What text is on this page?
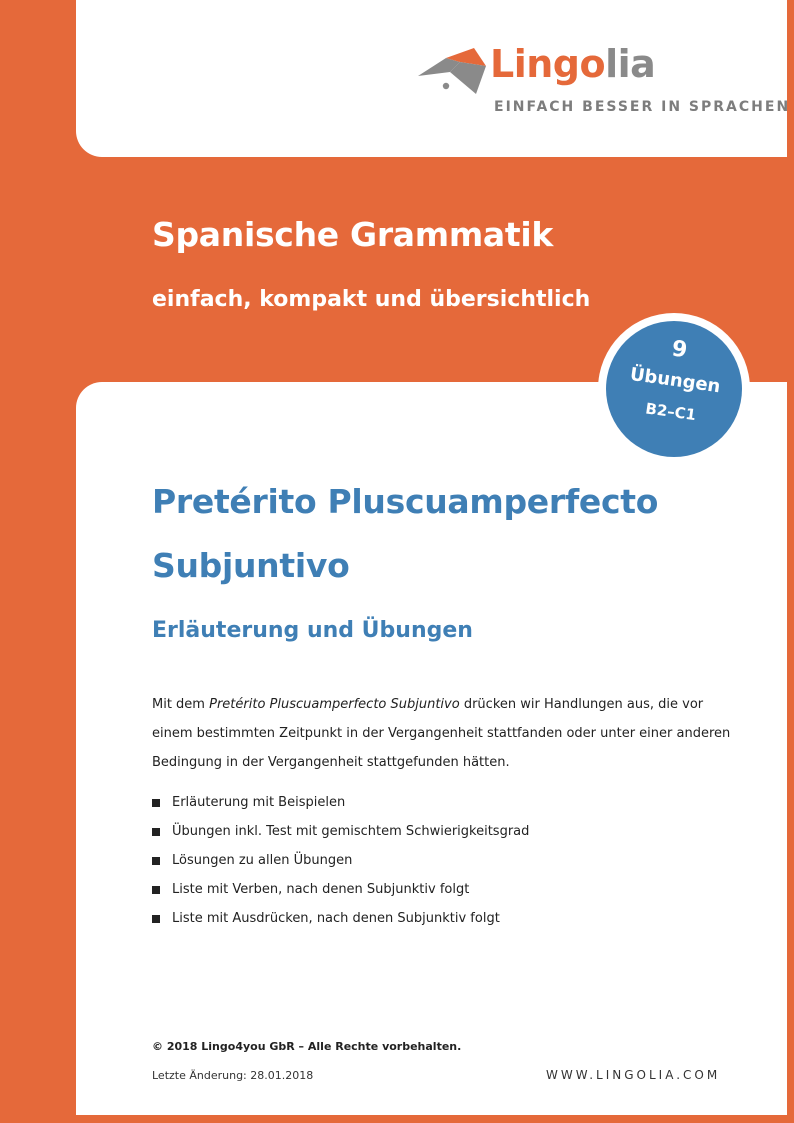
Lingolia
EINFACH BESSER IN SPRACHEN
Spanische Grammatik
einfach, kompakt und übersichtlich
9
Übungen
B2–C1
Pretérito Pluscuamperfecto
Subjuntivo
Erläuterung und Übungen

Mit dem Pretérito Pluscuamperfecto Subjuntivo drücken wir Handlungen aus, die vor einem bestimmten Zeitpunkt in der Vergangenheit stattfanden oder unter einer anderen Bedingung in der Vergangenheit stattgefunden hätten.

Erläuterung mit Beispielen
Übungen inkl. Test mit gemischtem Schwierigkeitsgrad
Lösungen zu allen Übungen
Liste mit Verben, nach denen Subjunktiv folgt
Liste mit Ausdrücken, nach denen Subjunktiv folgt
© 2018 Lingo4you GbR – Alle Rechte vorbehalten.
Letzte Änderung: 28.01.2018	WWW.LINGOLIA.COM
